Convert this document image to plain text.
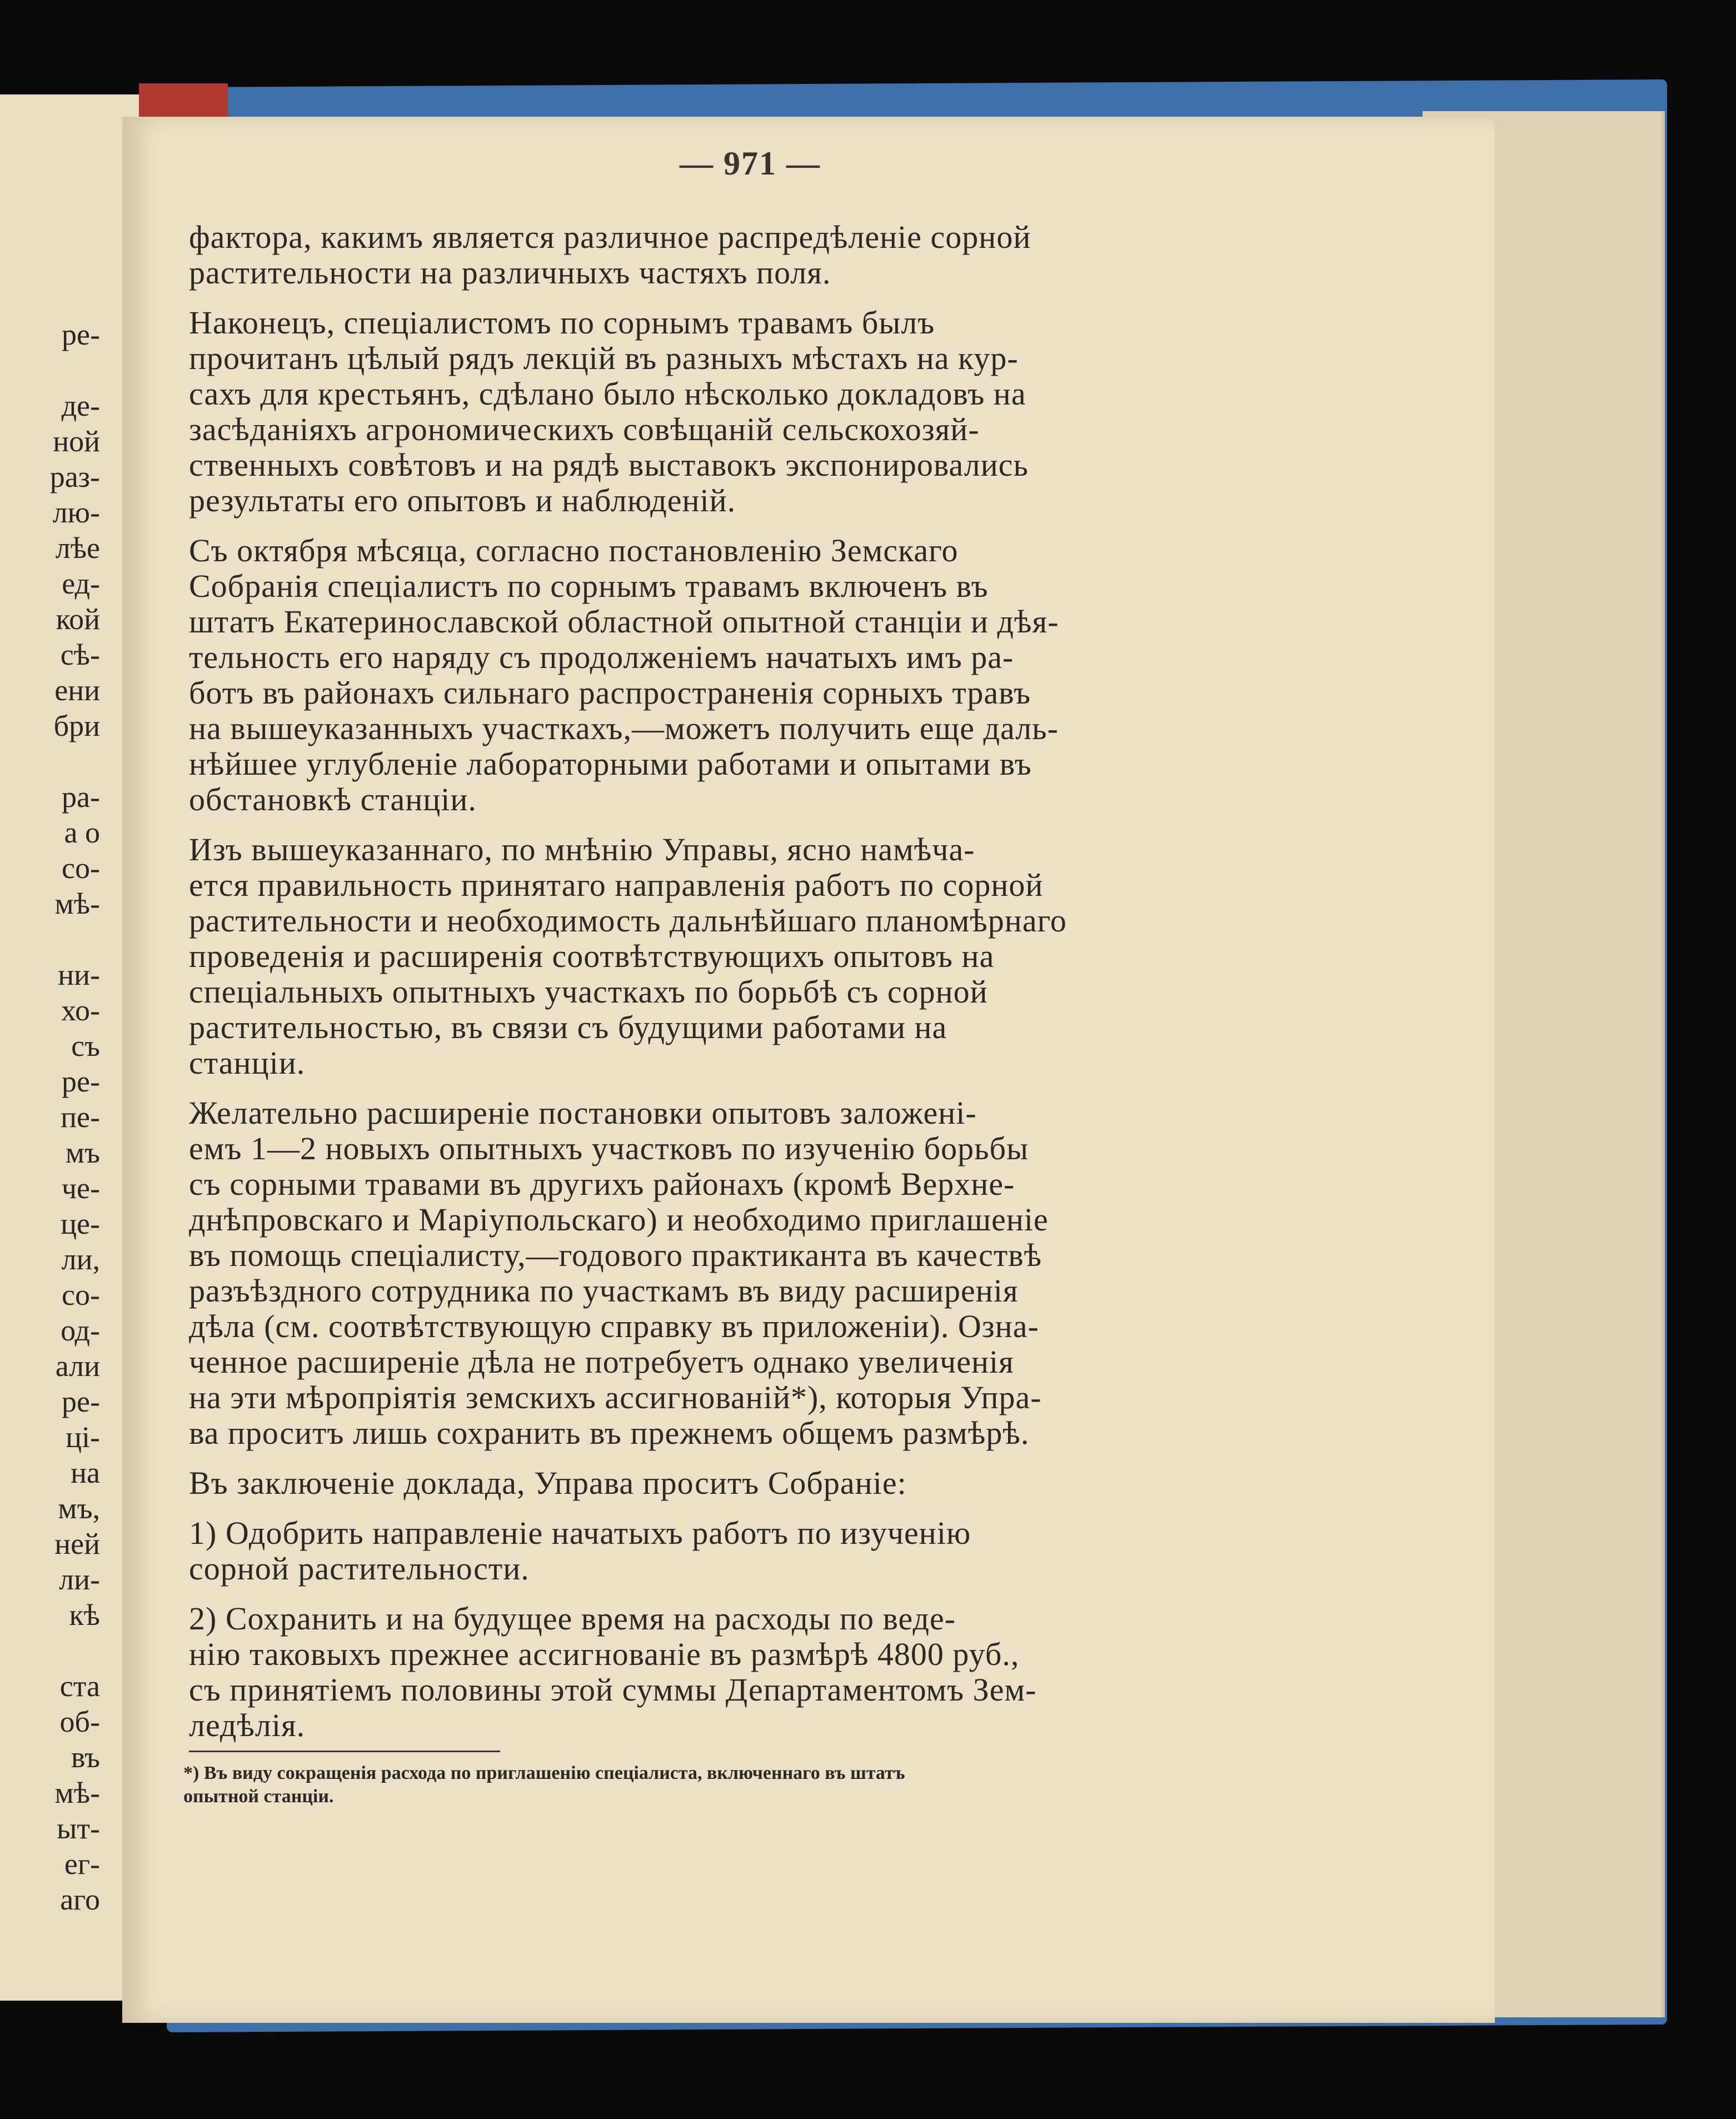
ре-

де-
ной
раз-
лю-
лѣе
ед-
кой
сѣ-
ени
бри

ра-
а о
со-
мѣ-

ни-
хо-
съ
ре-
пе-
мъ
че-
це-
ли,
со-
од-
али
ре-
ці-
на
мъ,
ней
ли-
кѣ

ста
об-
въ
мѣ-
ыт-
ег-
аго
— 971 —

фактора, какимъ является различное распредѣленіе сорной
растительности на различныхъ частяхъ поля.

Наконецъ, спеціалистомъ по сорнымъ травамъ былъ
прочитанъ цѣлый рядъ лекцій въ разныхъ мѣстахъ на кур-
сахъ для крестьянъ, сдѣлано было нѣсколько докладовъ на
засѣданіяхъ агрономическихъ совѣщаній сельскохозяй-
ственныхъ совѣтовъ и на рядѣ выставокъ экспонировались
результаты его опытовъ и наблюденій.

Съ октября мѣсяца, согласно постановленію Земскаго
Собранія спеціалистъ по сорнымъ травамъ включенъ въ
штатъ Екатеринославской областной опытной станціи и дѣя-
тельность его наряду съ продолженіемъ начатыхъ имъ ра-
ботъ въ районахъ сильнаго распространенія сорныхъ травъ
на вышеуказанныхъ участкахъ,—можетъ получить еще даль-
нѣйшее углубленіе лабораторными работами и опытами въ
обстановкѣ станціи.

Изъ вышеуказаннаго, по мнѣнію Управы, ясно намѣча-
ется правильность принятаго направленія работъ по сорной
растительности и необходимость дальнѣйшаго планомѣрнаго
проведенія и расширенія соотвѣтствующихъ опытовъ на
спеціальныхъ опытныхъ участкахъ по борьбѣ съ сорной
растительностью, въ связи съ будущими работами на
станціи.

Желательно расширеніе постановки опытовъ заложені-
емъ 1—2 новыхъ опытныхъ участковъ по изученію борьбы
съ сорными травами въ другихъ районахъ (кромѣ Верхне-
днѣпровскаго и Маріупольскаго) и необходимо приглашеніе
въ помощь спеціалисту,—годового практиканта въ качествѣ
разъѣздного сотрудника по участкамъ въ виду расширенія
дѣла (см. соотвѣтствующую справку въ приложеніи). Озна-
ченное расширеніе дѣла не потребуетъ однако увеличенія
на эти мѣропріятія земскихъ ассигнованій*), которыя Упра-
ва проситъ лишь сохранить въ прежнемъ общемъ размѣрѣ.

Въ заключеніе доклада, Управа проситъ Собраніе:

1) Одобрить направленіе начатыхъ работъ по изученію
сорной растительности.

2) Сохранить и на будущее время на расходы по веде-
нію таковыхъ прежнее ассигнованіе въ размѣрѣ 4800 руб.,
съ принятіемъ половины этой суммы Департаментомъ Зем-
ледѣлія.

*) Въ виду сокращенія расхода по приглашенію спеціалиста, включеннаго въ штатъ
опытной станціи.
